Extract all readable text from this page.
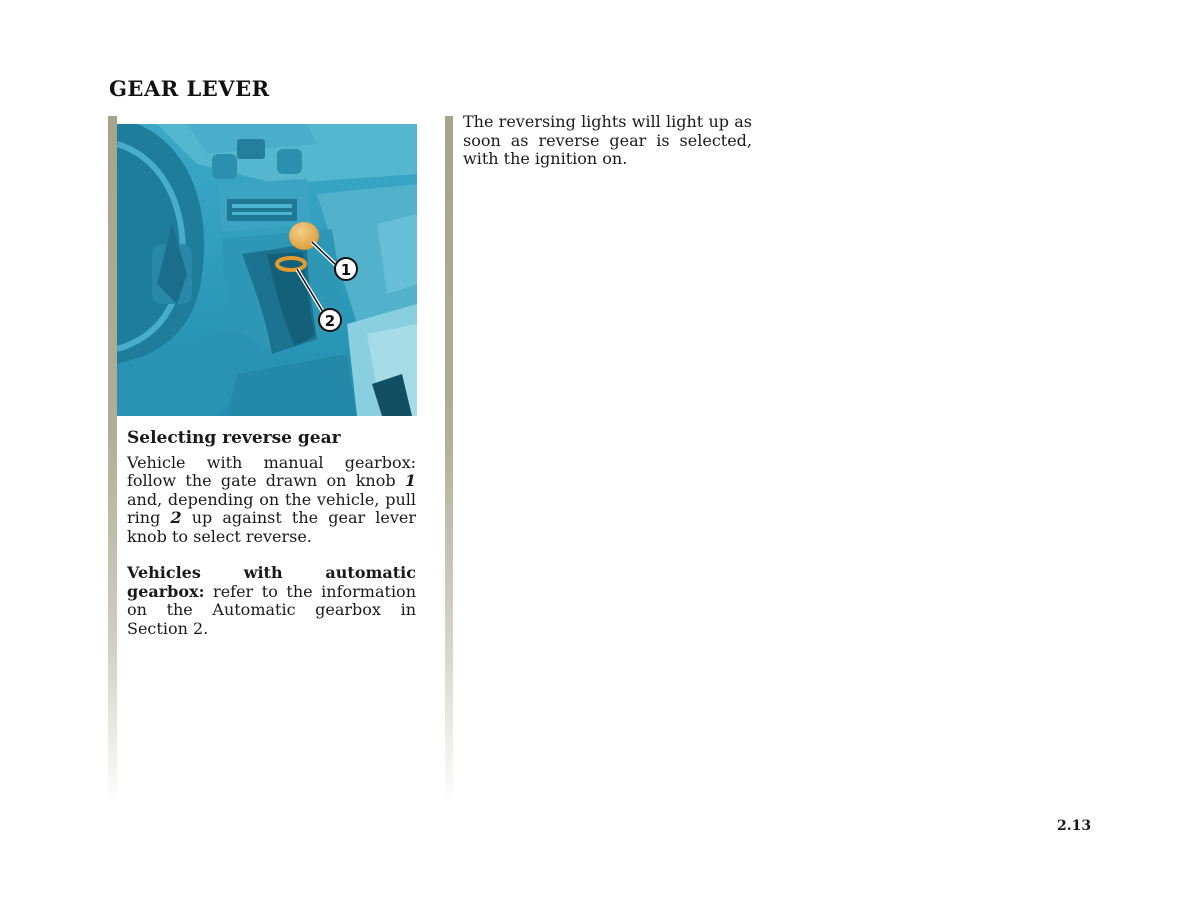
GEAR LEVER
1
2
Selecting reverse gear

Vehicle with manual gearbox: follow the gate drawn on knob 1 and, depending on the vehicle, pull ring 2 up against the gear lever knob to select reverse.

Vehicles with automatic gearbox: refer to the information on the Automatic gearbox in Section 2.

The reversing lights will light up as soon as reverse gear is selected, with the ignition on.

2.13
